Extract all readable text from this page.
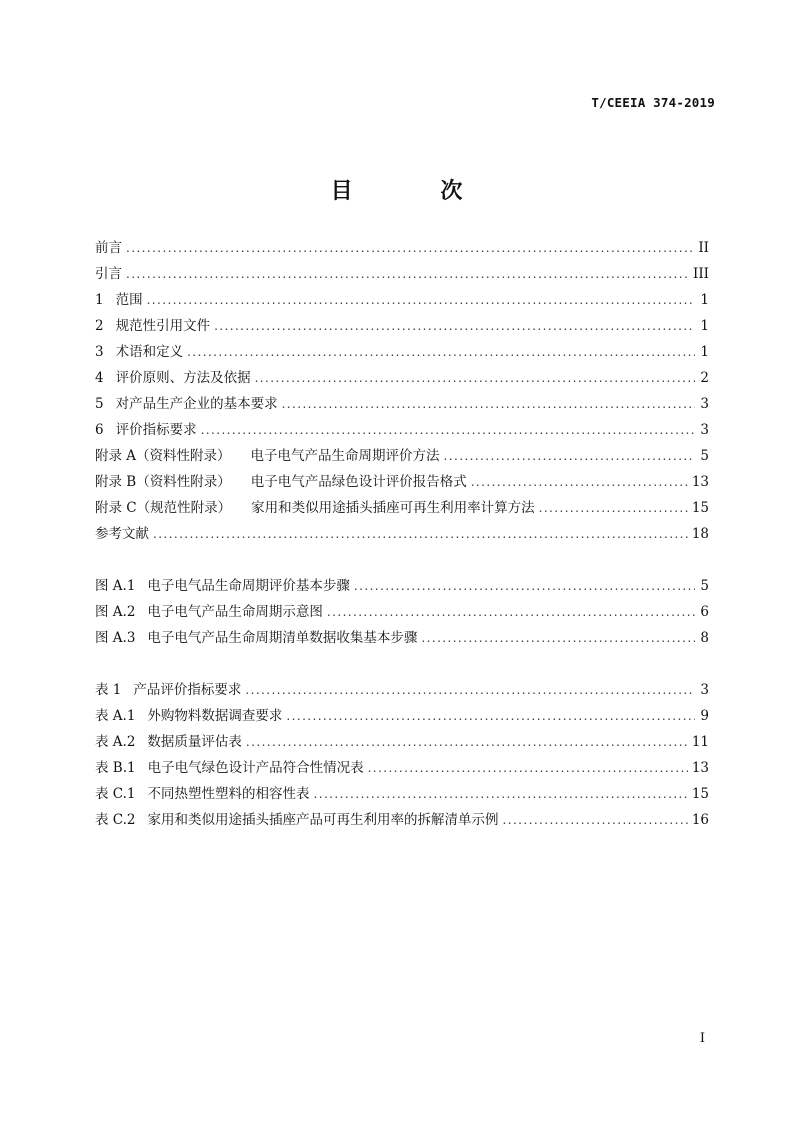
T/CEEIA 374-2019
目 次
前言 .....	II
引言 .....	III
1 范围 .....	1
2 规范性引用文件 .....	1
3 术语和定义 .....	1
4 评价原则、方法及依据 .....	2
5 对产品生产企业的基本要求 .....	3
6 评价指标要求 .....	3
附录 A（资料性附录）	电子电气产品生命周期评价方法 .....	5
附录 B（资料性附录）	电子电气产品绿色设计评价报告格式 .....	13
附录 C（规范性附录）	家用和类似用途插头插座可再生利用率计算方法 .....	15
参考文献 .....	18
图 A.1 电子电气品生命周期评价基本步骤 .....	5
图 A.2 电子电气产品生命周期示意图 .....	6
图 A.3 电子电气产品生命周期清单数据收集基本步骤 .....	8
表 1 产品评价指标要求 .....	3
表 A.1 外购物料数据调查要求 .....	9
表 A.2 数据质量评估表 .....	11
表 B.1 电子电气绿色设计产品符合性情况表 .....	13
表 C.1 不同热塑性塑料的相容性表 .....	15
表 C.2 家用和类似用途插头插座产品可再生利用率的拆解清单示例 .....	16
I
